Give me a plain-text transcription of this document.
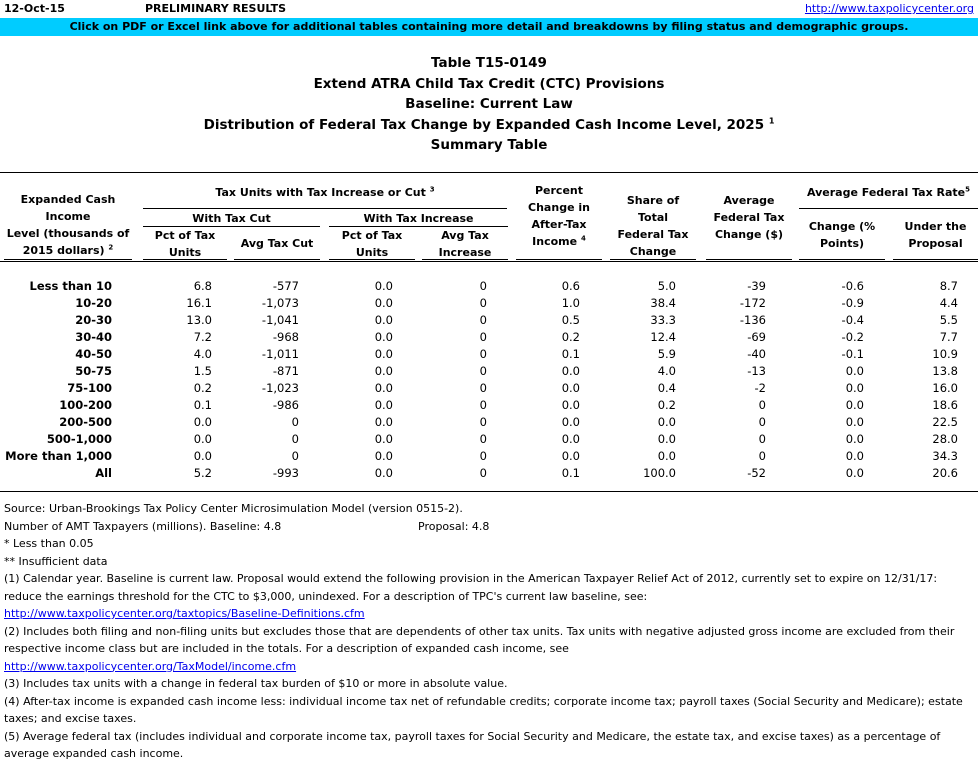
12-Oct-15	PRELIMINARY RESULTS	http://www.taxpolicycenter.org
Click on PDF or Excel link above for additional tables containing more detail and breakdowns by filing status and demographic groups.
Table T15-0149
Extend ATRA Child Tax Credit (CTC) Provisions
Baseline: Current Law
Distribution of Federal Tax Change by Expanded Cash Income Level, 2025 $^1$
Summary Table
Expanded Cash Income
Level (thousands of
2015 dollars) $^2$
Tax Units with Tax Increase or Cut $^3$
With Tax Cut	With Tax Increase
Pct of Tax
Units
Avg Tax Cut
Pct of Tax
Units
Avg Tax
Increase
Percent
Change in
After-Tax
Income $^4$
Share of Total
Federal Tax
Change
Average
Federal Tax
Change ($)
Average Federal Tax Rate$^5$
Change (%
Points)
Under the
Proposal
Less than 10	6.8	-577	0.0	0	0.6	5.0	-39	-0.6	8.7
10-20	16.1	-1,073	0.0	0	1.0	38.4	-172	-0.9	4.4
20-30	13.0	-1,041	0.0	0	0.5	33.3	-136	-0.4	5.5
30-40	7.2	-968	0.0	0	0.2	12.4	-69	-0.2	7.7
40-50	4.0	-1,011	0.0	0	0.1	5.9	-40	-0.1	10.9
50-75	1.5	-871	0.0	0	0.0	4.0	-13	0.0	13.8
75-100	0.2	-1,023	0.0	0	0.0	0.4	-2	0.0	16.0
100-200	0.1	-986	0.0	0	0.0	0.2	0	0.0	18.6
200-500	0.0	0	0.0	0	0.0	0.0	0	0.0	22.5
500-1,000	0.0	0	0.0	0	0.0	0.0	0	0.0	28.0
More than 1,000	0.0	0	0.0	0	0.0	0.0	0	0.0	34.3
All	5.2	-993	0.0	0	0.1	100.0	-52	0.0	20.6
Source: Urban-Brookings Tax Policy Center Microsimulation Model (version 0515-2).
Number of AMT Taxpayers (millions). Baseline: 4.8	Proposal: 4.8
* Less than 0.05
** Insufficient data
(1) Calendar year. Baseline is current law. Proposal would extend the following provision in the American Taxpayer Relief Act of 2012, currently set to expire on 12/31/17: reduce the earnings threshold for the CTC to $3,000, unindexed. For a description of TPC's current law baseline, see:
http://www.taxpolicycenter.org/taxtopics/Baseline-Definitions.cfm
(2) Includes both filing and non-filing units but excludes those that are dependents of other tax units. Tax units with negative adjusted gross income are excluded from their respective income class but are included in the totals. For a description of expanded cash income, see
http://www.taxpolicycenter.org/TaxModel/income.cfm
(3) Includes tax units with a change in federal tax burden of $10 or more in absolute value.
(4) After-tax income is expanded cash income less: individual income tax net of refundable credits; corporate income tax; payroll taxes (Social Security and Medicare); estate taxes; and excise taxes.
(5) Average federal tax (includes individual and corporate income tax, payroll taxes for Social Security and Medicare, the estate tax, and excise taxes) as a percentage of average expanded cash income.
